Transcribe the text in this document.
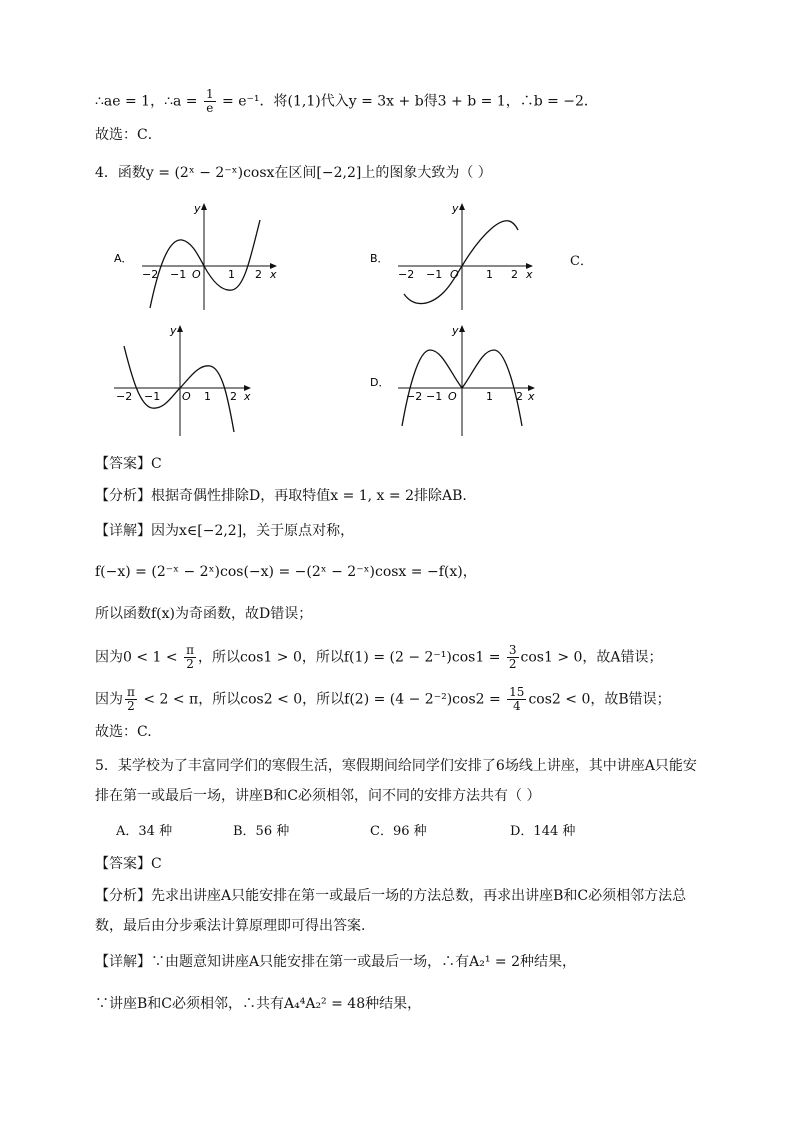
∴ae = 1，∴a = $\frac{1}{e} = e^{-1}$．将(1,1)代入y = 3x + b得3 + b = 1，∴b = −2．
故选：C．
4．函数y = (2ˣ − 2⁻ˣ)cosx在区间[−2,2]上的图象大致为（ ）
A．
y
x
O
−2 −1	1 2
B．
y
x
O
−2 −1	1 2
C．
y
x
O
−2 −1	1 2
D．
y
x
O
−2 −1	1 2
【答案】C
【分析】根据奇偶性排除D，再取特值x = 1, x = 2排除AB.
【详解】因为x∈[−2,2]，关于原点对称，
f(−x) = (2⁻ˣ − 2ˣ)cos(−x) = −(2ˣ − 2⁻ˣ)cosx = −f(x)，
所以函数f(x)为奇函数，故D错误；
因为$0 < 1 < \frac{\pi}{2}$ ，所以cos1 > 0，所以$f(1) = (2 - 2^{-1})\cos 1 = \frac{3}{2} \cos 1 > 0$，故A错误；
因为 $\frac{\pi}{2} < 2 < \pi$，所以cos2 < 0，所以$f(2) = (4 - 2^{-2})\cos 2 = \frac{15}{4} \cos 2 < 0$，故B错误；
故选：C.
5．某学校为了丰富同学们的寒假生活，寒假期间给同学们安排了6场线上讲座，其中讲座A只能安
排在第一或最后一场，讲座B和C必须相邻，问不同的安排方法共有（ ）
A．34 种	B．56 种	C．96 种	D．144 种
【答案】C
【分析】先求出讲座A只能安排在第一或最后一场的方法总数，再求出讲座B和C必须相邻方法总
数，最后由分步乘法计算原理即可得出答案.
【详解】∵由题意知讲座A只能安排在第一或最后一场，∴有A₂¹ = 2种结果，
∵讲座B和C必须相邻，∴共有A₄⁴A₂² = 48种结果，
